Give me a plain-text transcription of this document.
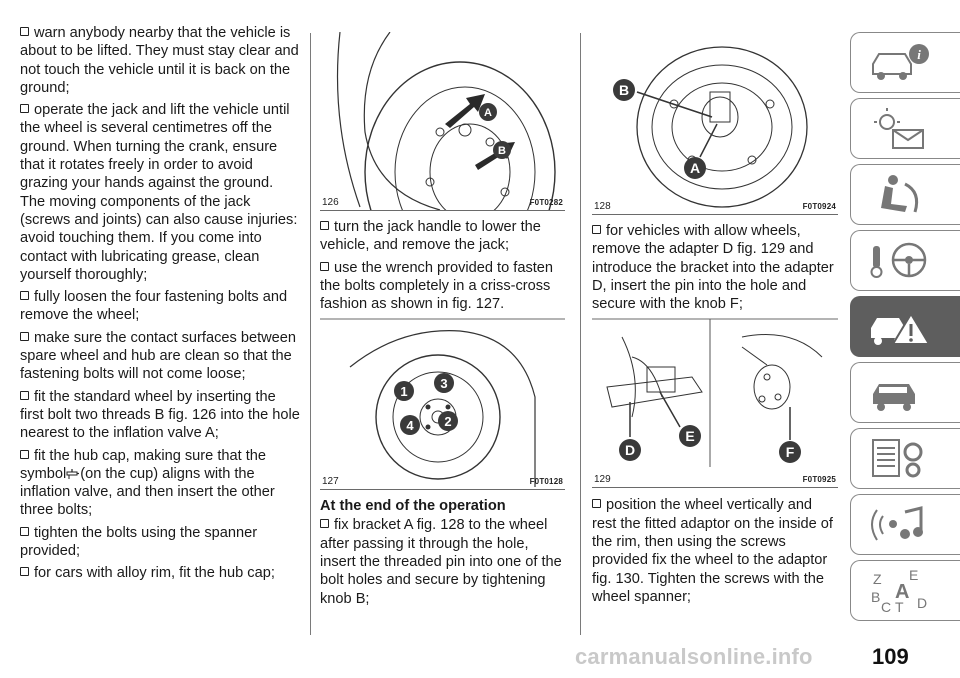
warn anybody nearby that the vehicle is about to be lifted. They must stay clear and not touch the vehicle until it is back on the ground;

operate the jack and lift the vehicle until the wheel is several centimetres off the ground. When turning the crank, ensure that it rotates freely in order to avoid grazing your hands against the ground. The moving components of the jack (screws and joints) can also cause injuries: avoid touching them. If you come into contact with lubricating grease, clean yourself thoroughly;

fully loosen the four fastening bolts and remove the wheel;

make sure the contact surfaces between spare wheel and hub are clean so that the fastening bolts will not come loose;

fit the standard wheel by inserting the first bolt two threads B fig. 126 into the hole nearest to the inflation valve A;

fit the hub cap, making sure that the symbol (on the cup) aligns with the inflation valve, and then insert the other three bolts;

tighten the bolts using the spanner provided;

for cars with alloy rim, fit the hub cap;

A
B
126	F0T0282

turn the jack handle to lower the vehicle, and remove the jack;

use the wrench provided to fasten the bolts completely in a criss-cross fashion as shown in fig. 127.

1
3
2
4
127	F0T0128
At the end of the operation

fix bracket A fig. 128 to the wheel after passing it through the hole, insert the threaded pin into one of the bolt holes and secure by tightening knob B;

B
A
128	F0T0924

for vehicles with allow wheels, remove the adapter D fig. 129 and introduce the bracket into the adapter D, insert the pin into the hole and secure with the knob F;

E
D	F
129	F0T0925

position the wheel vertically and rest the fitted adaptor on the inside of the rim, then using the screws provided fix the wheel to the adaptor fig. 130. Tighten the screws with the wheel spanner;

i
Z E
A
B
C T D
carmanualsonline.info	109
